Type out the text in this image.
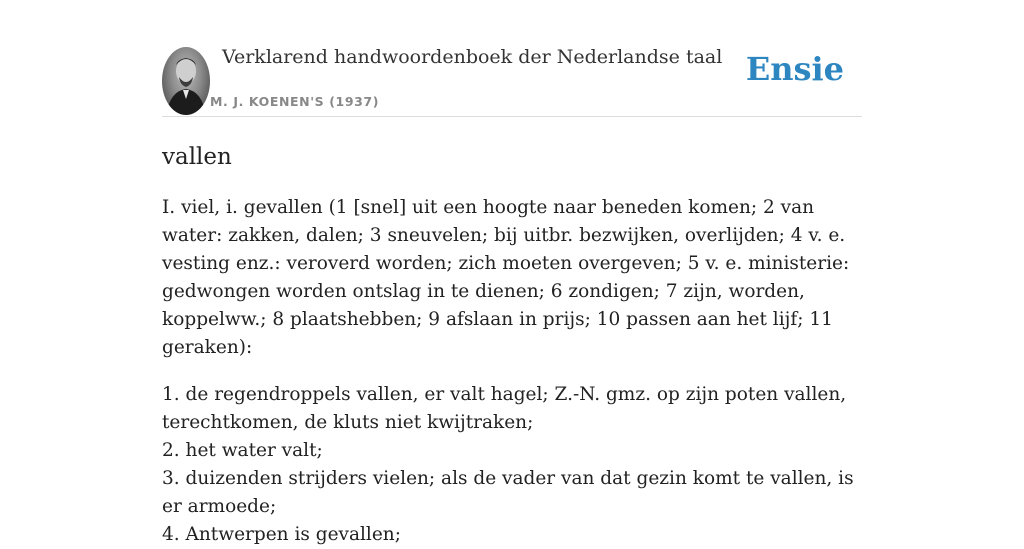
Verklarend handwoordenboek der Nederlandse taal
M. J. KOENEN'S (1937)
Ensie
vallen

I. viel, i. gevallen (1 [snel] uit een hoogte naar beneden komen; 2 van water: zakken, dalen; 3 sneuvelen; bij uitbr. bezwijken, overlijden; 4 v. e. vesting enz.: veroverd worden; zich moeten overgeven; 5 v. e. ministerie: gedwongen worden ontslag in te dienen; 6 zondigen; 7 zijn, worden, koppelww.; 8 plaatshebben; 9 afslaan in prijs; 10 passen aan het lijf; 11 geraken):

1. de regendroppels vallen, er valt hagel; Z.-N. gmz. op zijn poten vallen, terechtkomen, de kluts niet kwijtraken;
2. het water valt;
3. duizenden strijders vielen; als de vader van dat gezin komt te vallen, is er armoede;
4. Antwerpen is gevallen;
